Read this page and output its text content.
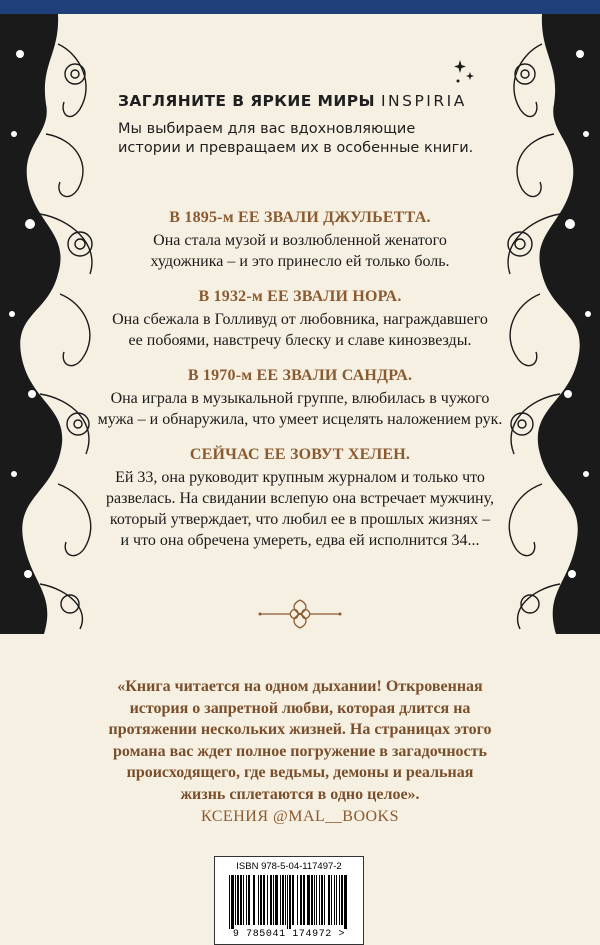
ЗАГЛЯНИТЕ В ЯРКИЕ МИРЫ INSPIRIA
Мы выбираем для вас вдохновляющие истории и превращаем их в особенные книги.
В 1895-м ЕЕ ЗВАЛИ ДЖУЛЬЕТТА.

Она стала музой и возлюбленной женатого
художника – и это принесло ей только боль.

В 1932-м ЕЕ ЗВАЛИ НОРА.

Она сбежала в Голливуд от любовника, награждавшего
ее побоями, навстречу блеску и славе кинозвезды.

В 1970-м ЕЕ ЗВАЛИ САНДРА.

Она играла в музыкальной группе, влюбилась в чужого
мужа – и обнаружила, что умеет исцелять наложением рук.

СЕЙЧАС ЕЕ ЗОВУТ ХЕЛЕН.

Ей 33, она руководит крупным журналом и только что
развелась. На свидании вслепую она встречает мужчину,
который утверждает, что любил ее в прошлых жизнях –
и что она обречена умереть, едва ей исполнится 34...

«Книга читается на одном дыхании! Откровенная
история о запретной любви, которая длится на
протяжении нескольких жизней. На страницах этого
романа вас ждет полное погружение в загадочность
происходящего, где ведьмы, демоны и реальная
жизнь сплетаются в одно целое».
КСЕНИЯ @MAL__BOOKS
ISBN 978-5-04-117497-2
9 785041 174972 >
